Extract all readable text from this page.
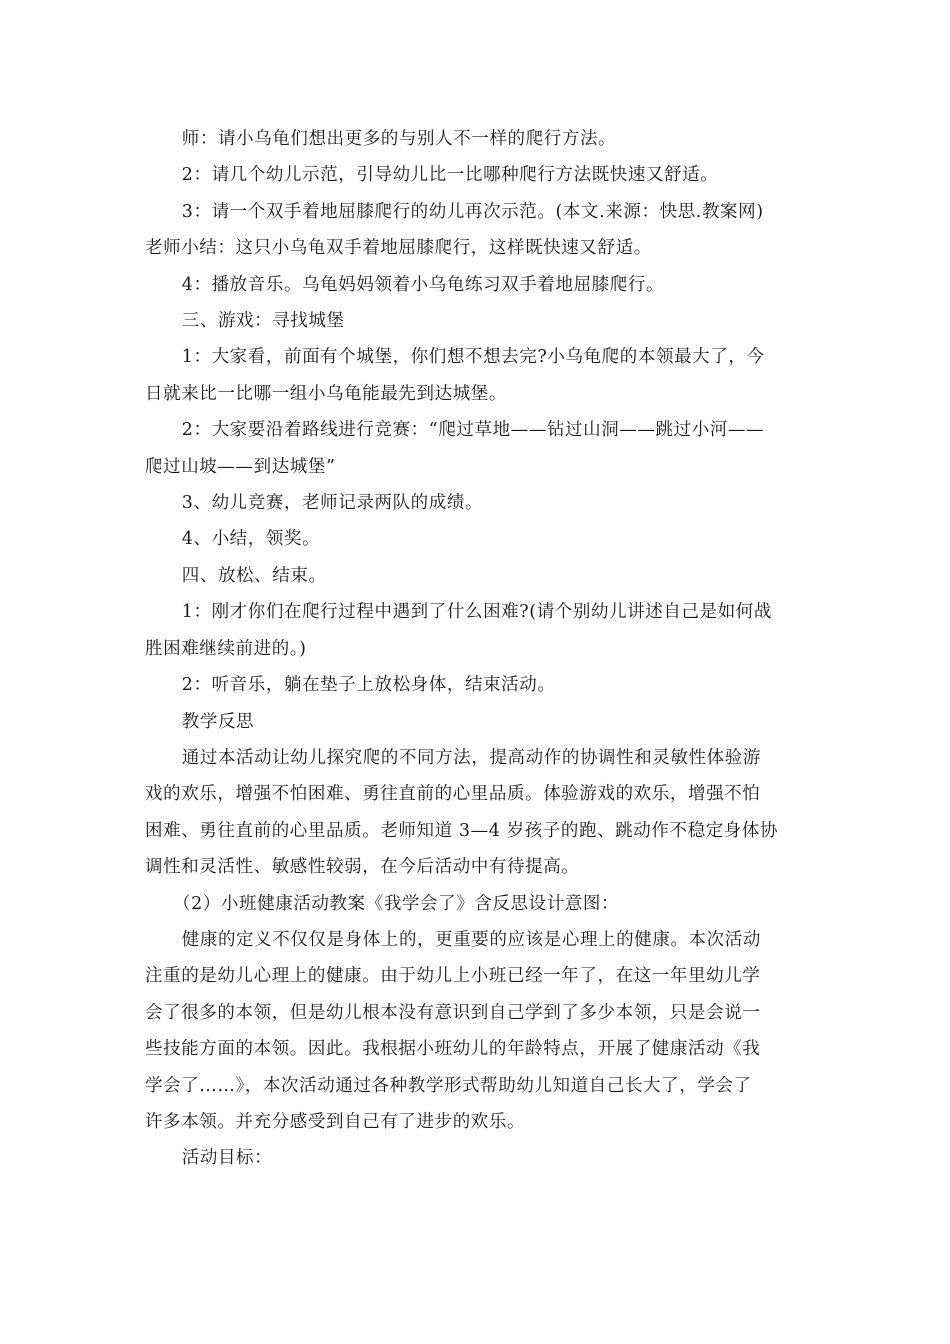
师：请小乌龟们想出更多的与别人不一样的爬行方法。
2：请几个幼儿示范，引导幼儿比一比哪种爬行方法既快速又舒适。
3：请一个双手着地屈膝爬行的幼儿再次示范。(本文.来源：快思.教案网)
老师小结：这只小乌龟双手着地屈膝爬行，这样既快速又舒适。
4：播放音乐。乌龟妈妈领着小乌龟练习双手着地屈膝爬行。
三、游戏：寻找城堡
1：大家看，前面有个城堡，你们想不想去完?小乌龟爬的本领最大了，今
日就来比一比哪一组小乌龟能最先到达城堡。
2：大家要沿着路线进行竞赛：“爬过草地——钻过山洞——跳过小河——
爬过山坡——到达城堡”
3、幼儿竞赛，老师记录两队的成绩。
4、小结，领奖。
四、放松、结束。
1：刚才你们在爬行过程中遇到了什么困难?(请个别幼儿讲述自己是如何战
胜困难继续前进的。)
2：听音乐，躺在垫子上放松身体，结束活动。
教学反思
通过本活动让幼儿探究爬的不同方法，提高动作的协调性和灵敏性体验游
戏的欢乐，增强不怕困难、勇往直前的心里品质。体验游戏的欢乐，增强不怕
困难、勇往直前的心里品质。老师知道 3—4 岁孩子的跑、跳动作不稳定身体协
调性和灵活性、敏感性较弱，在今后活动中有待提高。
（2）小班健康活动教案《我学会了》含反思设计意图：
健康的定义不仅仅是身体上的，更重要的应该是心理上的健康。本次活动
注重的是幼儿心理上的健康。由于幼儿上小班已经一年了，在这一年里幼儿学
会了很多的本领，但是幼儿根本没有意识到自己学到了多少本领，只是会说一
些技能方面的本领。因此。我根据小班幼儿的年龄特点，开展了健康活动《我
学会了……》，本次活动通过各种教学形式帮助幼儿知道自己长大了，学会了
许多本领。并充分感受到自己有了进步的欢乐。
活动目标：
